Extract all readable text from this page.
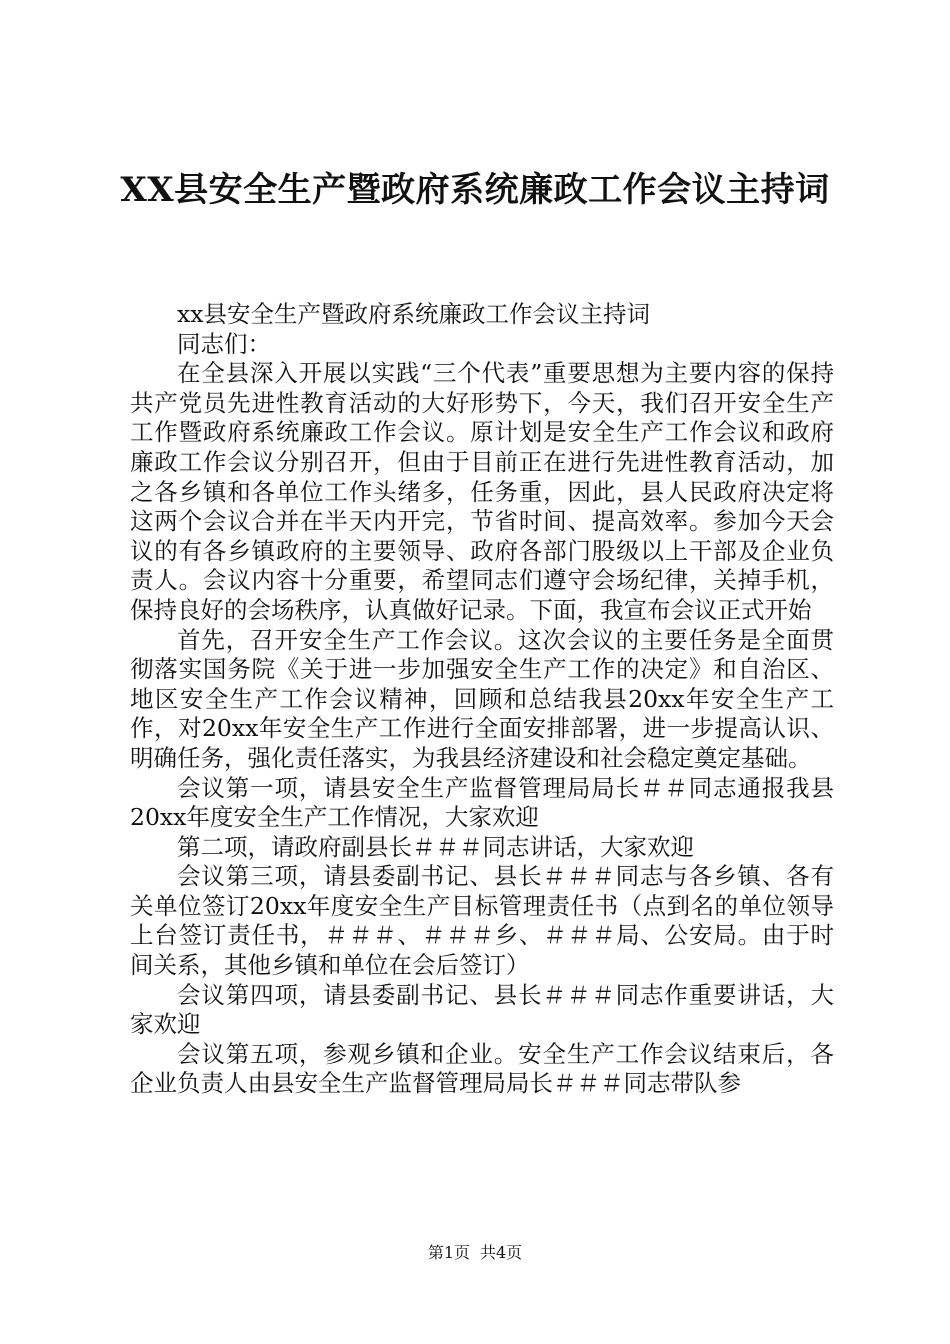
XX县安全生产暨政府系统廉政工作会议主持词

xx县安全生产暨政府系统廉政工作会议主持词

同志们：

在全县深入开展以实践“三个代表”重要思想为主要内容的保持共产党员先进性教育活动的大好形势下，今天，我们召开安全生产工作暨政府系统廉政工作会议。原计划是安全生产工作会议和政府廉政工作会议分别召开，但由于目前正在进行先进性教育活动，加之各乡镇和各单位工作头绪多，任务重，因此，县人民政府决定将这两个会议合并在半天内开完，节省时间、提高效率。参加今天会议的有各乡镇政府的主要领导、政府各部门股级以上干部及企业负责人。会议内容十分重要，希望同志们遵守会场纪律，关掉手机，保持良好的会场秩序，认真做好记录。下面，我宣布会议正式开始

首先，召开安全生产工作会议。这次会议的主要任务是全面贯彻落实国务院《关于进一步加强安全生产工作的决定》和自治区、地区安全生产工作会议精神，回顾和总结我县20xx年安全生产工作，对20xx年安全生产工作进行全面安排部署，进一步提高认识、明确任务，强化责任落实，为我县经济建设和社会稳定奠定基础。

会议第一项，请县安全生产监督管理局局长＃＃同志通报我县20xx年度安全生产工作情况，大家欢迎

第二项，请政府副县长＃＃＃同志讲话，大家欢迎

会议第三项，请县委副书记、县长＃＃＃同志与各乡镇、各有关单位签订20xx年度安全生产目标管理责任书（点到名的单位领导上台签订责任书，＃＃＃、＃＃＃乡、＃＃＃局、公安局。由于时间关系，其他乡镇和单位在会后签订）

会议第四项，请县委副书记、县长＃＃＃同志作重要讲话，大家欢迎

会议第五项，参观乡镇和企业。安全生产工作会议结束后，各企业负责人由县安全生产监督管理局局长＃＃＃同志带队参

第1页 共4页
